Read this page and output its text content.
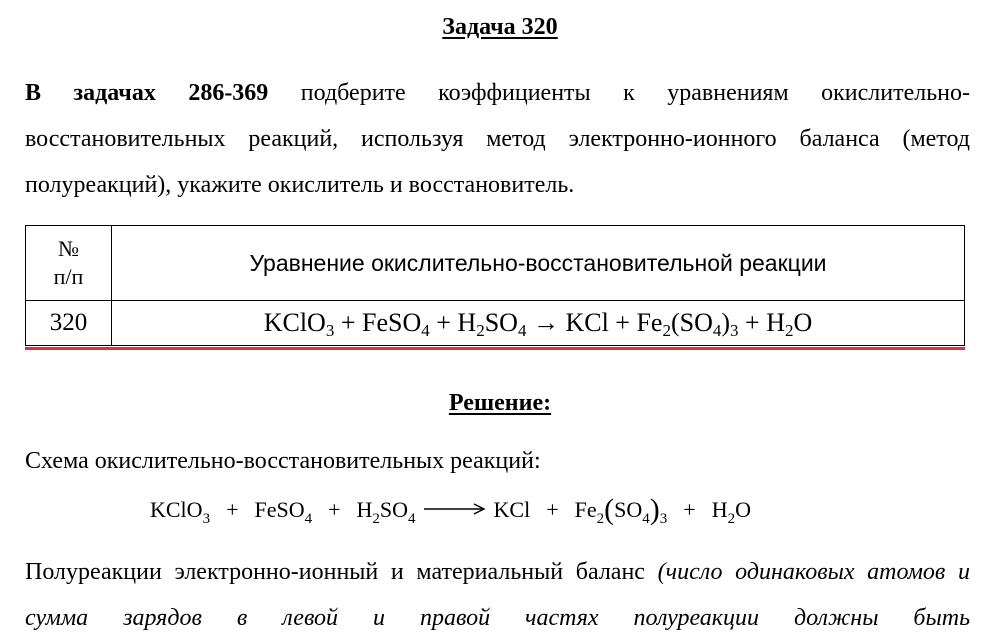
Задача 320
В задачах 286-369 подберите коэффициенты к уравнениям окислительно-восстановительных реакций, используя метод электронно-ионного баланса (метод полуреакций), укажите окислитель и восстановитель.
№
п/п	Уравнение окислительно-восстановительной реакции
320	KClO$_3$ + FeSO$_4$ + $H_2SO_4$ → KCl + $Fe_2(SO_4)_3 + H_2O$
Решение:
Схема окислительно-восстановительных реакций:
KClO$_3$ + FeSO$_4$ + $H_2SO_4$	KCl + $Fe_2(SO_4)_3 + H_2O$
Полуреакции электронно-ионный и материальный баланс (число одинаковых атомов и сумма зарядов в левой и правой частях полуреакции должны быть
